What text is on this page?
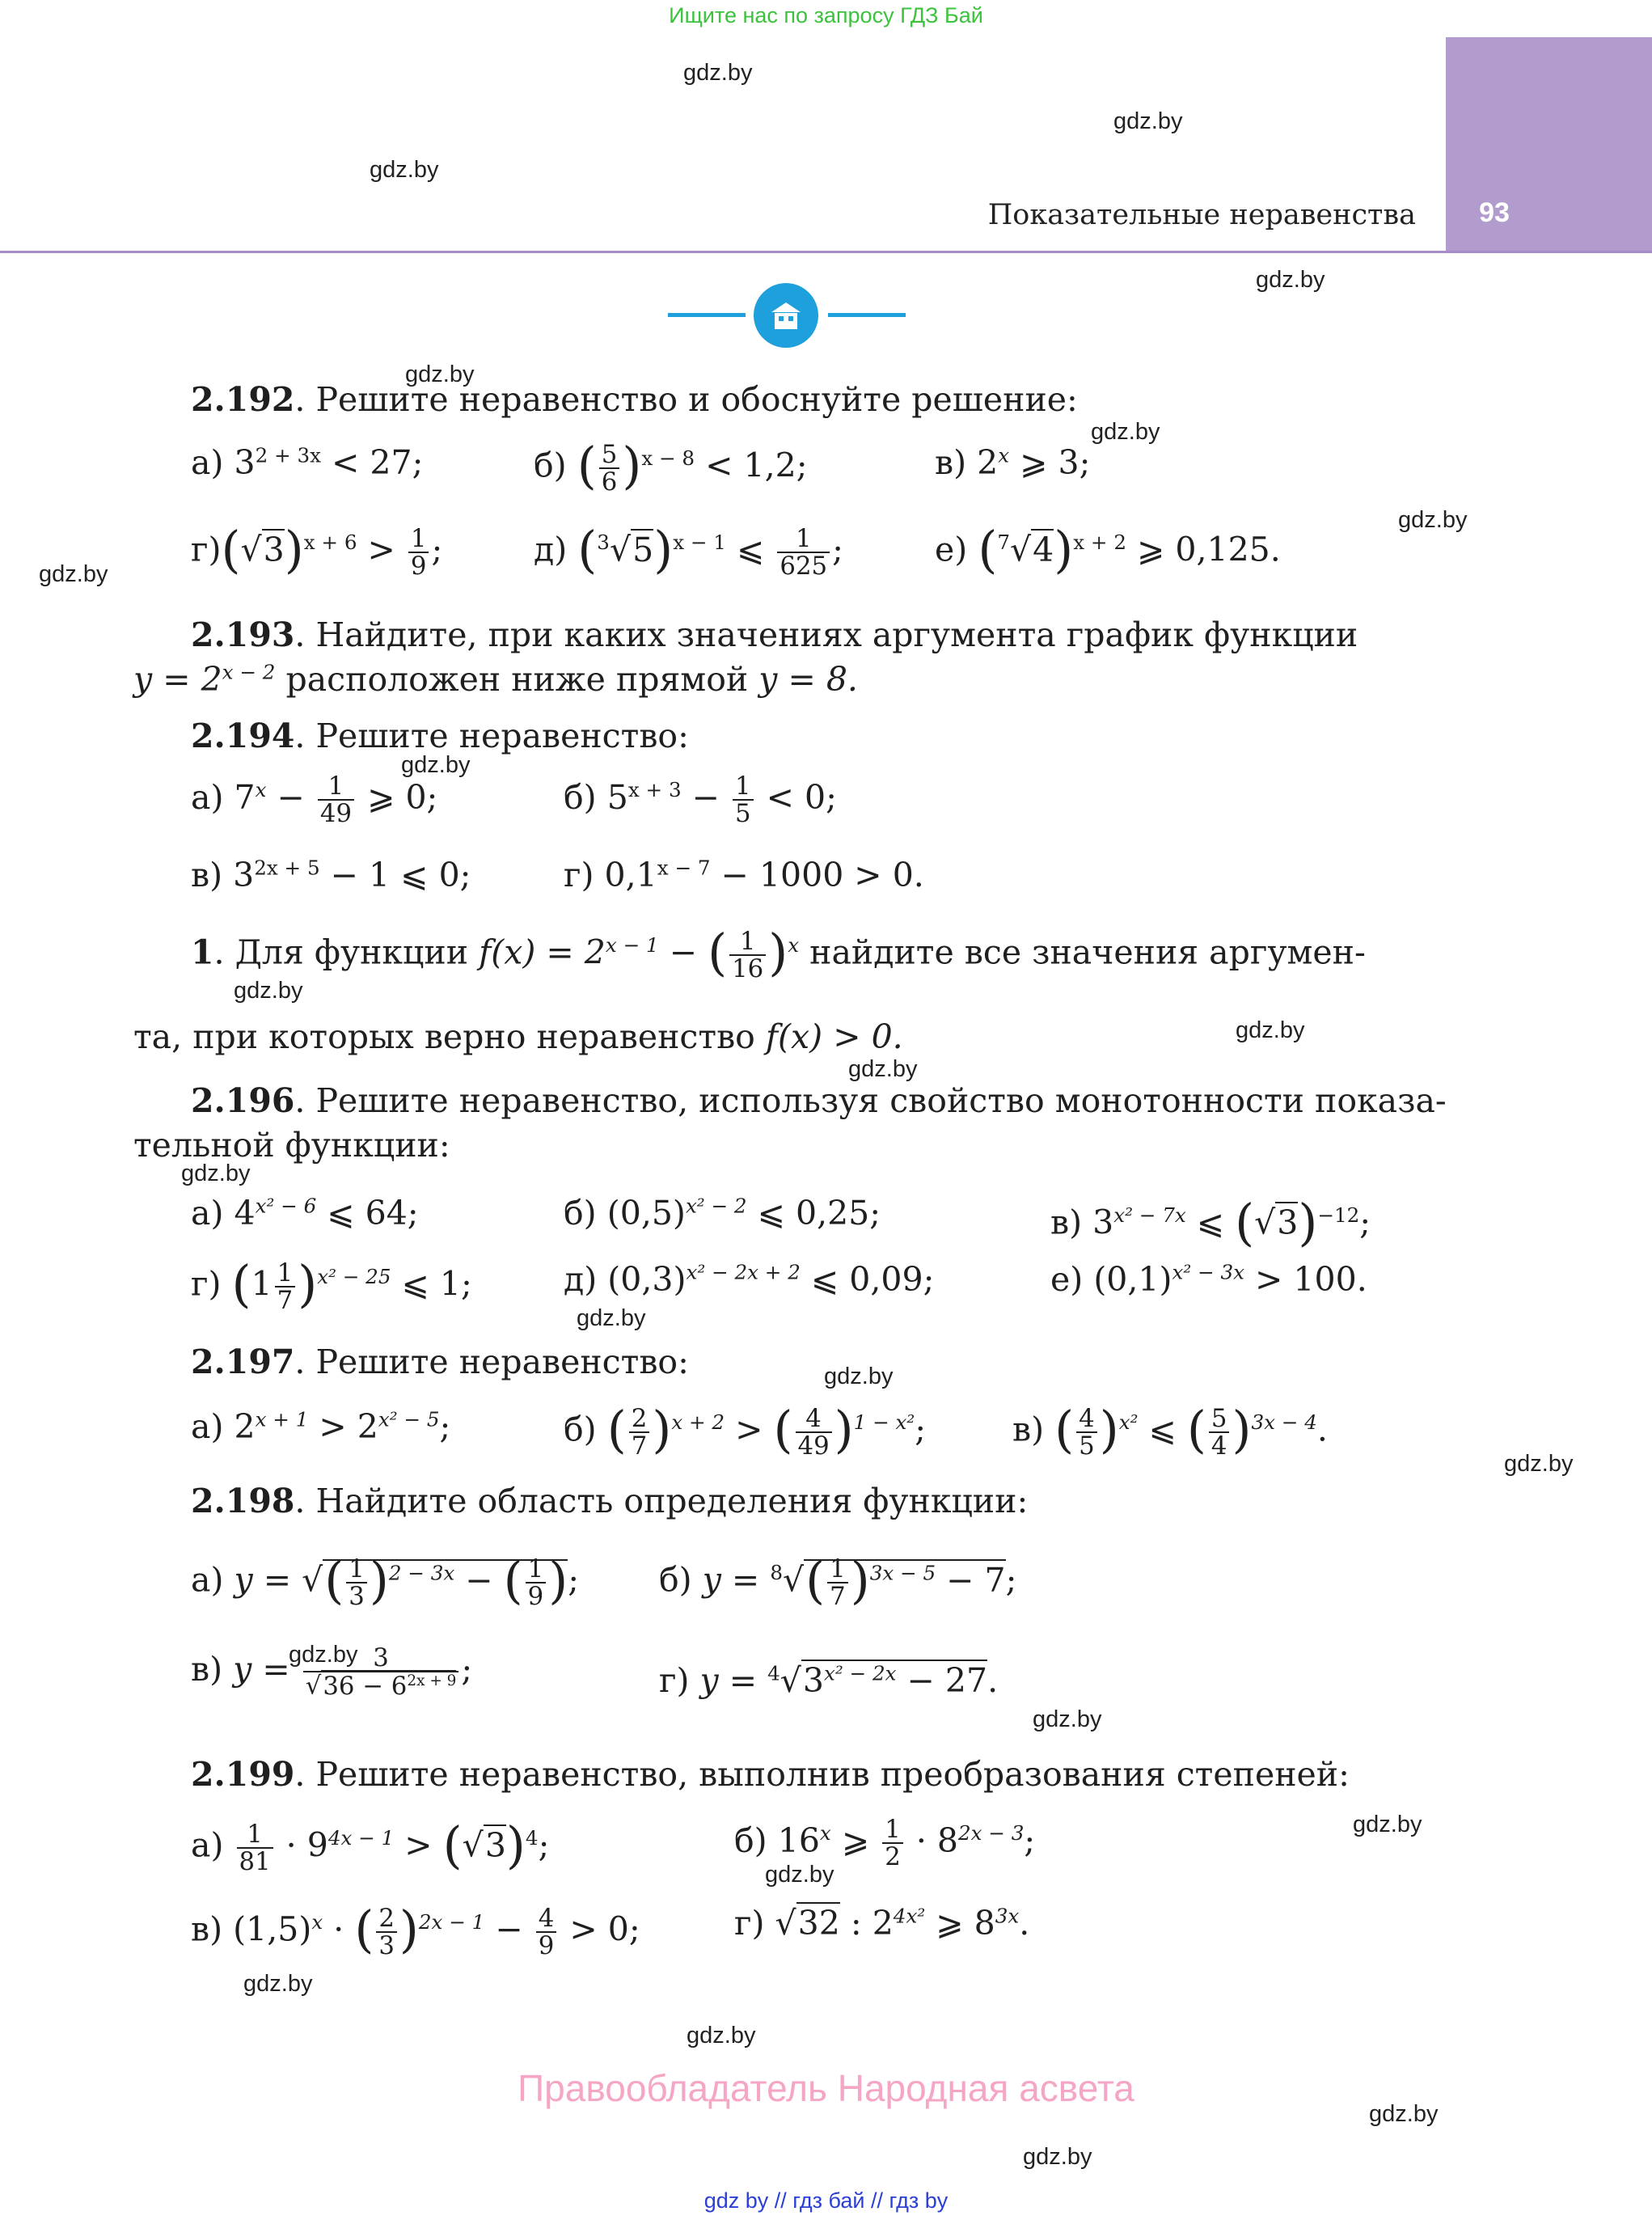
Ищите нас по запросу ГДЗ Бай
93
Показательные неравенства
gdz.by
gdz.by
gdz.by
gdz.by
gdz.by
gdz.by
gdz.by
gdz.by
gdz.by
gdz.by
gdz.by
gdz.by
gdz.by
gdz.by
gdz.by
gdz.by
gdz.by
gdz.by
gdz.by
gdz.by
gdz.by
gdz.by
gdz.by
gdz.by
2.192. Решите неравенство и обоснуйте решение:
а) $3^{2 + 3x} < 27$;	б) ( $\frac{5}{6} )^{x - 8} < 1,2$;	в) 2$^x$ ⩾ 3;
$г)(√3)^{x + 6} > \frac{1}{9}$ ;	д) $(^3√5)^{x - 1}$ ⩽ $\frac{1}{625}$ ;	е) $(^7√4)^{x + 2}$ ⩾ 0,125.
2.193. Найдите, при каких значениях аргумента график функции
$y = 2^{x - 2}$ расположен ниже прямой y = 8.
2.194. Решите неравенство:
а) $7^x - \frac{1}{49}$ ⩾ 0;	б) $5^{x + 3} - \frac{1}{5} < 0$;
в) $3^{2x + 5} - 1$ ⩽ 0;	г) $0,1^{x - 7} - 1000 > 0$.
1. Для функции $f(x) = 2^{x - 1}$ − ( $\frac{1}{16} )^x$ найдите все значения аргумен-
та, при которых верно неравенство f(x) > 0.
2.196. Решите неравенство, используя свойство монотонности показа-
тельной функции:
а) $4^{x^2 - 6}$ ⩽ 64;	б) $(0,5)^{x^2 - 2}$ ⩽ 0,25;	в) $3^{x^2 - 7x}$ ⩽ $(√3)^{-12}$;
г) $(1 \frac{1}{7} )^{x^2 - 25}$ ⩽ 1;	д) $(0,3)^{x^2 - 2x + 2}$ ⩽ 0,09;	е) $(0,1)^{x^2 - 3x} > 100$.
2.197. Решите неравенство:
а) $2^{x + 1} > 2^{x^2 - 5}$;	б) ( $\frac{2}{7} )^{x + 2}$ > ( $\frac{4}{49} )^{1 - x^2}$;	в) ( $\frac{4}{5} )^{x^2}$ ⩽ ( $\frac{5}{4} )^{3x - 4}$.
2.198. Найдите область определения функции:
а) y = √( $\frac{1}{3} )^{2 - 3x}$ − ( $\frac{1}{9}$ ); б) $y = ^8√( \frac{1}{7} )^{3x - 5} - 7$;
в) $y = \frac{3}{√36 - 6^{2x + 9}}$ ;	г) $y = ^4√3^{x^2 - 2x} - 27$.
2.199. Решите неравенство, выполнив преобразования степеней:
$а) \frac{1}{81} \cdot 9^{4x - 1} > (√3)^4$;	б) 16$^x$ ⩾ $\frac{1}{2} \cdot 8^{2x - 3}$;
в) $(1,5)^x$ · ( $\frac{2}{3} )^{2x - 1} - \frac{4}{9} > 0$;	г) √32 : $2^{4x^2}$ ⩾ $8^{3x}$.
Правообладатель Народная асвета
gdz by // гдз бай // гдз by
